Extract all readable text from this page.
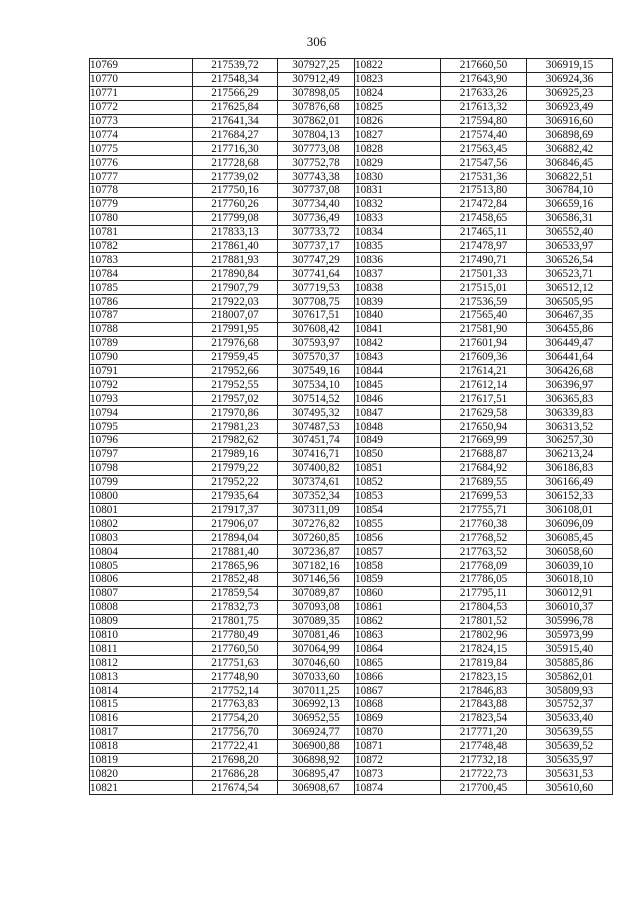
306
10769	217539,72	307927,25	10822	217660,50	306919,15
10770	217548,34	307912,49	10823	217643,90	306924,36
10771	217566,29	307898,05	10824	217633,26	306925,23
10772	217625,84	307876,68	10825	217613,32	306923,49
10773	217641,34	307862,01	10826	217594,80	306916,60
10774	217684,27	307804,13	10827	217574,40	306898,69
10775	217716,30	307773,08	10828	217563,45	306882,42
10776	217728,68	307752,78	10829	217547,56	306846,45
10777	217739,02	307743,38	10830	217531,36	306822,51
10778	217750,16	307737,08	10831	217513,80	306784,10
10779	217760,26	307734,40	10832	217472,84	306659,16
10780	217799,08	307736,49	10833	217458,65	306586,31
10781	217833,13	307733,72	10834	217465,11	306552,40
10782	217861,40	307737,17	10835	217478,97	306533,97
10783	217881,93	307747,29	10836	217490,71	306526,54
10784	217890,84	307741,64	10837	217501,33	306523,71
10785	217907,79	307719,53	10838	217515,01	306512,12
10786	217922,03	307708,75	10839	217536,59	306505,95
10787	218007,07	307617,51	10840	217565,40	306467,35
10788	217991,95	307608,42	10841	217581,90	306455,86
10789	217976,68	307593,97	10842	217601,94	306449,47
10790	217959,45	307570,37	10843	217609,36	306441,64
10791	217952,66	307549,16	10844	217614,21	306426,68
10792	217952,55	307534,10	10845	217612,14	306396,97
10793	217957,02	307514,52	10846	217617,51	306365,83
10794	217970,86	307495,32	10847	217629,58	306339,83
10795	217981,23	307487,53	10848	217650,94	306313,52
10796	217982,62	307451,74	10849	217669,99	306257,30
10797	217989,16	307416,71	10850	217688,87	306213,24
10798	217979,22	307400,82	10851	217684,92	306186,83
10799	217952,22	307374,61	10852	217689,55	306166,49
10800	217935,64	307352,34	10853	217699,53	306152,33
10801	217917,37	307311,09	10854	217755,71	306108,01
10802	217906,07	307276,82	10855	217760,38	306096,09
10803	217894,04	307260,85	10856	217768,52	306085,45
10804	217881,40	307236,87	10857	217763,52	306058,60
10805	217865,96	307182,16	10858	217768,09	306039,10
10806	217852,48	307146,56	10859	217786,05	306018,10
10807	217859,54	307089,87	10860	217795,11	306012,91
10808	217832,73	307093,08	10861	217804,53	306010,37
10809	217801,75	307089,35	10862	217801,52	305996,78
10810	217780,49	307081,46	10863	217802,96	305973,99
10811	217760,50	307064,99	10864	217824,15	305915,40
10812	217751,63	307046,60	10865	217819,84	305885,86
10813	217748,90	307033,60	10866	217823,15	305862,01
10814	217752,14	307011,25	10867	217846,83	305809,93
10815	217763,83	306992,13	10868	217843,88	305752,37
10816	217754,20	306952,55	10869	217823,54	305633,40
10817	217756,70	306924,77	10870	217771,20	305639,55
10818	217722,41	306900,88	10871	217748,48	305639,52
10819	217698,20	306898,92	10872	217732,18	305635,97
10820	217686,28	306895,47	10873	217722,73	305631,53
10821	217674,54	306908,67	10874	217700,45	305610,60
